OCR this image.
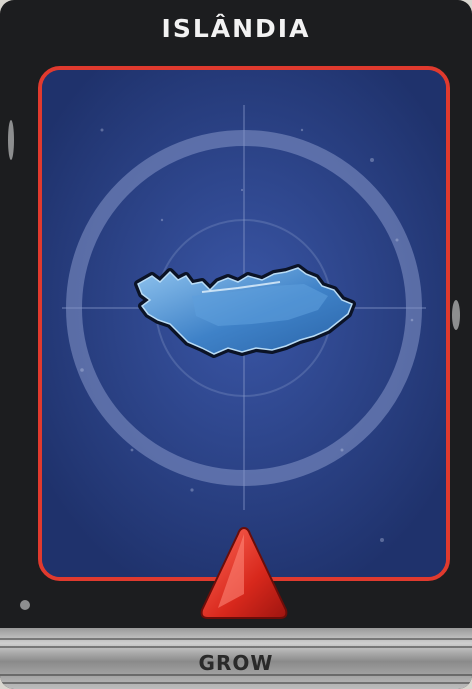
ISLÂNDIA
GROW
